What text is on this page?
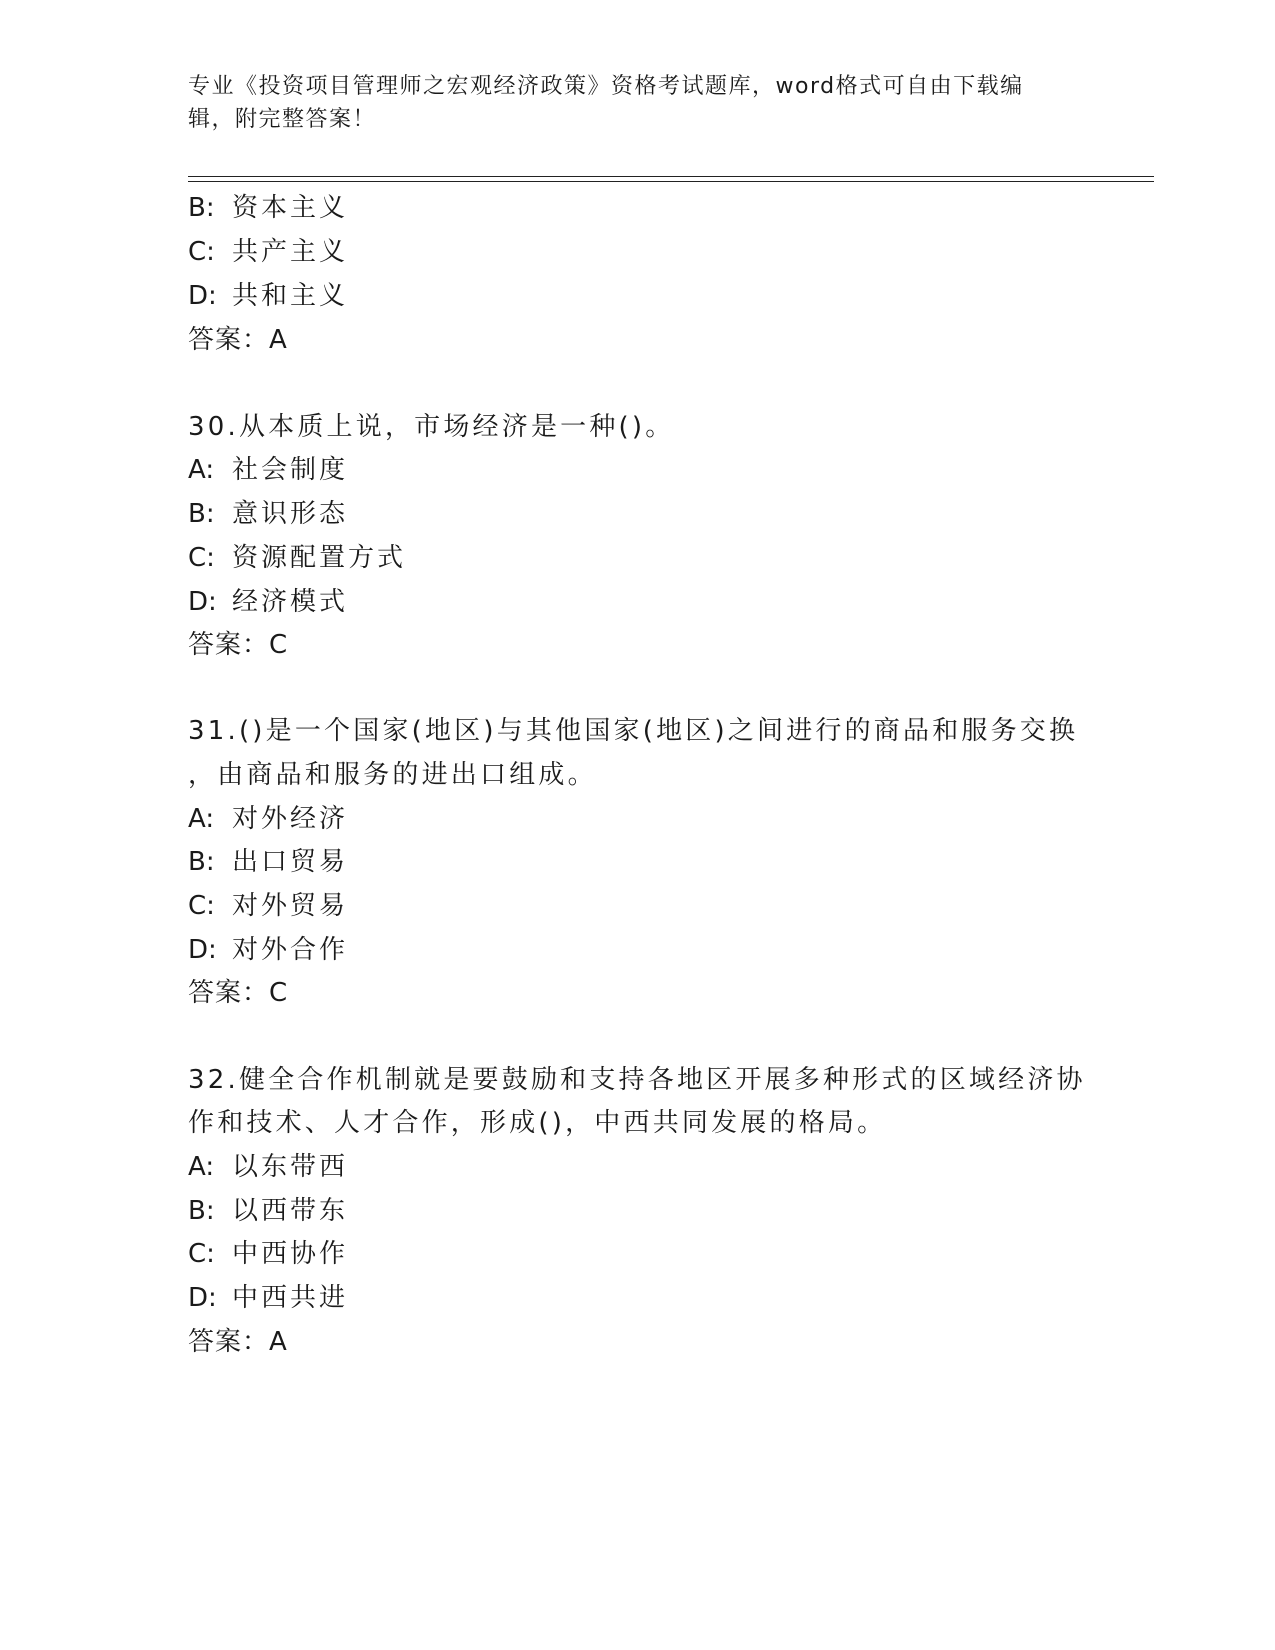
专业《投资项目管理师之宏观经济政策》资格考试题库，word格式可自由下载编辑，附完整答案！
B: 资本主义
C: 共产主义
D: 共和主义
答案：A
30.从本质上说，市场经济是一种()。
A: 社会制度
B: 意识形态
C: 资源配置方式
D: 经济模式
答案：C
31.()是一个国家(地区)与其他国家(地区)之间进行的商品和服务交换
，由商品和服务的进出口组成。
A: 对外经济
B: 出口贸易
C: 对外贸易
D: 对外合作
答案：C
32.健全合作机制就是要鼓励和支持各地区开展多种形式的区域经济协
作和技术、人才合作，形成()，中西共同发展的格局。
A: 以东带西
B: 以西带东
C: 中西协作
D: 中西共进
答案：A
